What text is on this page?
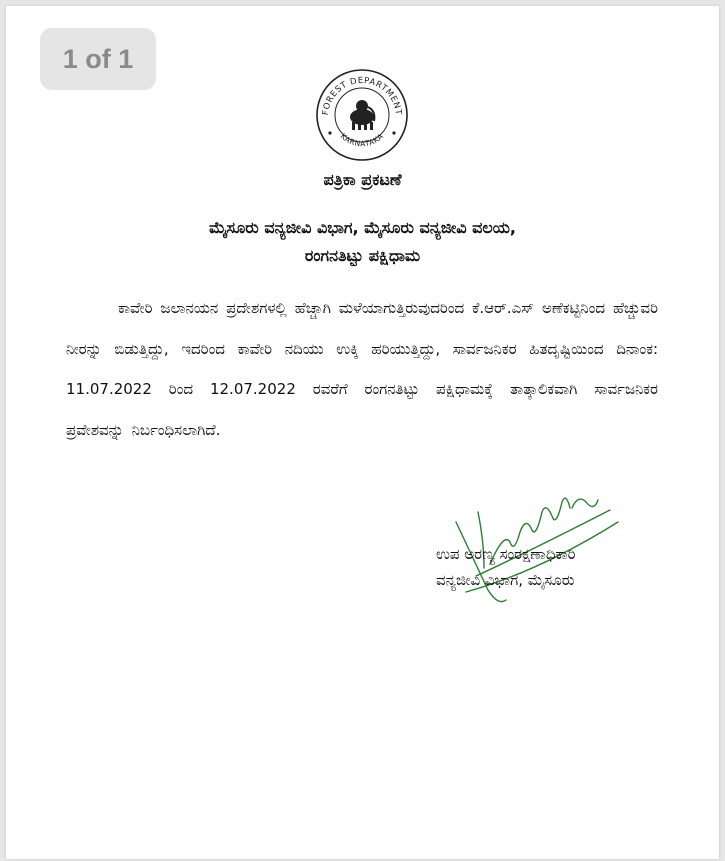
1 of 1
FOREST DEPARTMENT
KARNATAKA
ಪತ್ರಿಕಾ ಪ್ರಕಟಣೆ
ಮೈಸೂರು ವನ್ಯಜೀವಿ ವಿಭಾಗ, ಮೈಸೂರು ವನ್ಯಜೀವಿ ವಲಯ,
ರಂಗನತಿಟ್ಟು ಪಕ್ಷಿಧಾಮ
ಕಾವೇರಿ ಜಲಾನಯನ ಪ್ರದೇಶಗಳಲ್ಲಿ ಹೆಚ್ಚಾಗಿ ಮಳೆಯಾಗುತ್ತಿರುವುದರಿಂದ ಕೆ.ಆರ್.ಎಸ್ ಅಣೆಕಟ್ಟಿನಿಂದ ಹೆಚ್ಚುವರಿ ನೀರನ್ನು ಬಿಡುತ್ತಿದ್ದು, ಇದರಿಂದ ಕಾವೇರಿ ನದಿಯು ಉಕ್ಕಿ ಹರಿಯುತ್ತಿದ್ದು, ಸಾರ್ವಜನಿಕರ ಹಿತದೃಷ್ಟಿಯಿಂದ ದಿನಾಂಕ: 11.07.2022 ರಿಂದ 12.07.2022 ರವರೆಗೆ ರಂಗನತಿಟ್ಟು ಪಕ್ಷಿಧಾಮಕ್ಕೆ ತಾತ್ಕಾಲಿಕವಾಗಿ ಸಾರ್ವಜನಿಕರ ಪ್ರವೇಶವನ್ನು ನಿರ್ಬಂಧಿಸಲಾಗಿದೆ.
ಉಪ ಅರಣ್ಯ ಸಂರಕ್ಷಣಾಧಿಕಾರಿ
ವನ್ಯಜೀವಿ ವಿಭಾಗ, ಮೈಸೂರು
